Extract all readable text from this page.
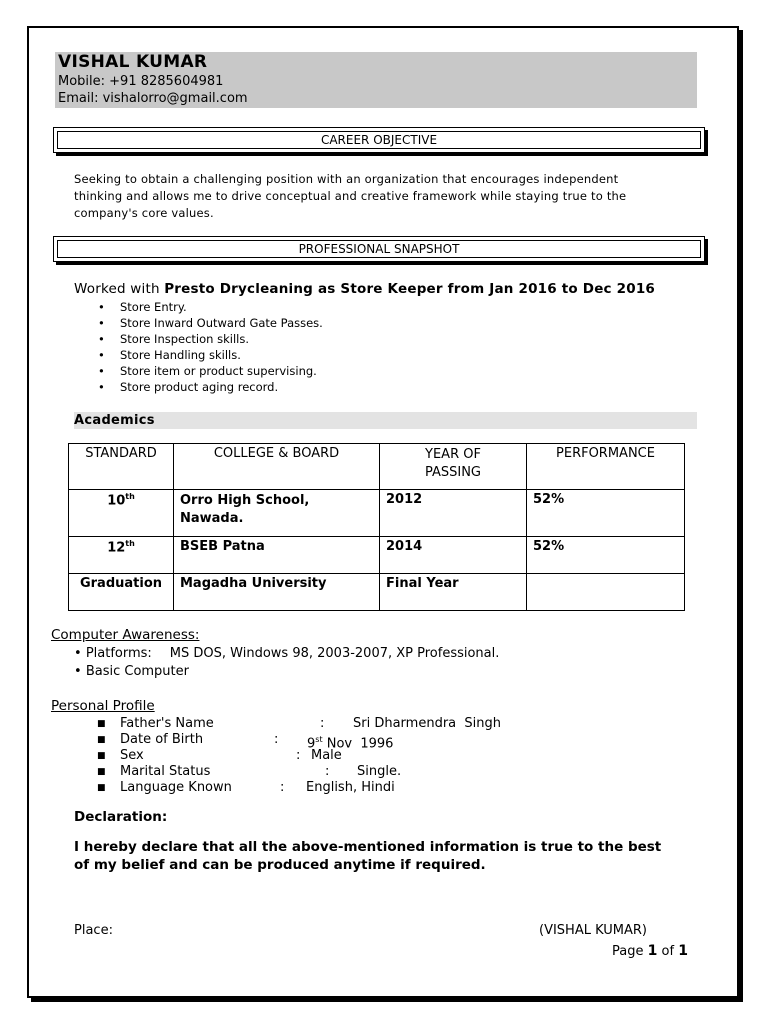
VISHAL KUMAR
Mobile: +91 8285604981
Email: vishalorro@gmail.com
CAREER OBJECTIVE
Seeking to obtain a challenging position with an organization that encourages independent
thinking and allows me to drive conceptual and creative framework while staying true to the
company's core values.
PROFESSIONAL SNAPSHOT
Worked with Presto Drycleaning as Store Keeper from Jan 2016 to Dec 2016
• Store Entry.
• Store Inward Outward Gate Passes.
• Store Inspection skills.
• Store Handling skills.
• Store item or product supervising.
• Store product aging record.
Academics
STANDARD	COLLEGE & BOARD	YEAR OF PASSING	PERFORMANCE

10th	Orro High School, Nawada.	2012	52%

12th	BSEB Patna	2014	52%

Graduation	Magadha University	Final Year	

Computer Awareness:
• Platforms: MS DOS, Windows 98, 2003-2007, XP Professional.
• Basic Computer
Personal Profile
■ Father's Name	: Sri Dharmendra  Singh
■ Date of Birth	: 9st Nov  1996
■ Sex	: Male
■ Marital Status	: Single.
■ Language Known	: English, Hindi
Declaration:
I hereby declare that all the above-mentioned information is true to the best
of my belief and can be produced anytime if required.
Place:	(VISHAL KUMAR)
Page 1 of 1
